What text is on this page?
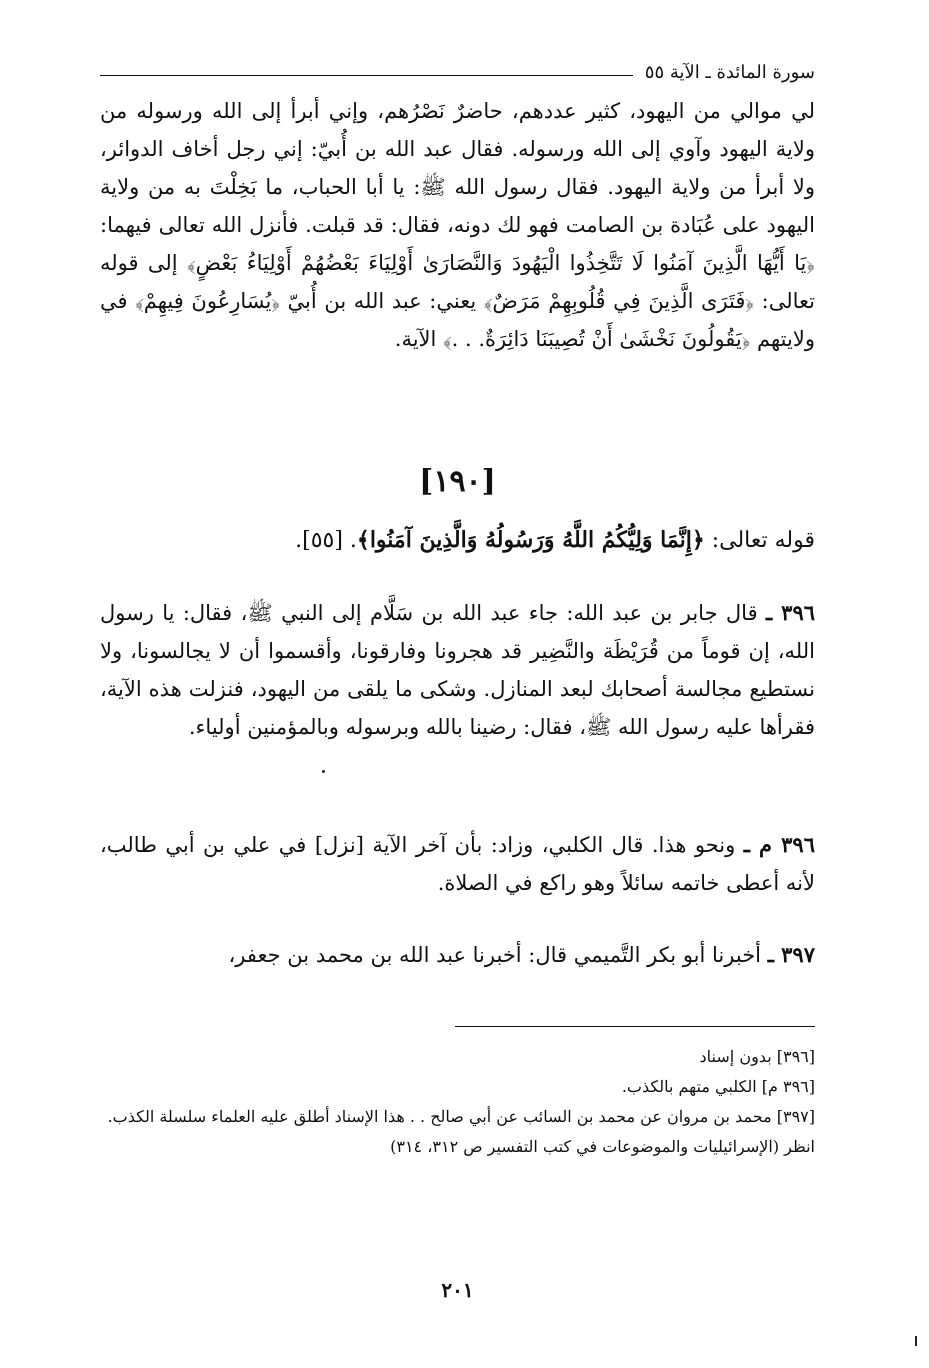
سورة المائدة ـ الآية ٥٥
لي موالي من اليهود، كثير عددهم، حاضرٌ نَصْرُهم، وإني أبرأ إلى الله ورسوله من ولاية اليهود وآوي إلى الله ورسوله. فقال عبد الله بن أُبيّ: إني رجل أخاف الدوائر، ولا أبرأ من ولاية اليهود. فقال رسول الله ﷺ: يا أبا الحباب، ما بَخِلْتَ به من ولاية اليهود على عُبَادة بن الصامت فهو لك دونه، فقال: قد قبلت. فأنزل الله تعالى فيهما: ﴿يَا أَيُّهَا الَّذِينَ آمَنُوا لَا تَتَّخِذُوا الْيَهُودَ وَالنَّصَارَىٰ أَوْلِيَاءَ بَعْضُهُمْ أَوْلِيَاءُ بَعْضٍ﴾ إلى قوله تعالى: ﴿فَتَرَى الَّذِينَ فِي قُلُوبِهِمْ مَرَضٌ﴾ يعني: عبد الله بن أُبيّ ﴿يُسَارِعُونَ فِيهِمْ﴾ في ولايتهم ﴿يَقُولُونَ نَخْشَىٰ أَنْ تُصِيبَنَا دَائِرَةٌ. . .﴾ الآية.
[١٩٠]
قوله تعالى: ﴿إِنَّمَا وَلِيُّكُمُ اللَّهُ وَرَسُولُهُ وَالَّذِينَ آمَنُوا﴾. [٥٥].
٣٩٦ ـ قال جابر بن عبد الله: جاء عبد الله بن سَلَّام إلى النبي ﷺ، فقال: يا رسول الله، إن قوماً من قُرَيْظَة والنَّضِير قد هجرونا وفارقونا، وأقسموا أن لا يجالسونا، ولا نستطيع مجالسة أصحابك لبعد المنازل. وشكى ما يلقى من اليهود، فنزلت هذه الآية، فقرأها عليه رسول الله ﷺ، فقال: رضينا بالله وبرسوله وبالمؤمنين أولياء.
٣٩٦ م ـ ونحو هذا. قال الكلبي، وزاد: بأن آخر الآية [نزل] في علي بن أبي طالب، لأنه أعطى خاتمه سائلاً وهو راكع في الصلاة.
٣٩٧ ـ أخبرنا أبو بكر التَّميمي قال: أخبرنا عبد الله بن محمد بن جعفر،

[٣٩٦] بدون إسناد

[٣٩٦ م] الكلبي متهم بالكذب.

[٣٩٧] محمد بن مروان عن محمد بن السائب عن أبي صالح . . هذا الإسناد أطلق عليه العلماء سلسلة الكذب.

انظر (الإسرائيليات والموضوعات في كتب التفسير ص ٣١٢، ٣١٤)

٢٠١
